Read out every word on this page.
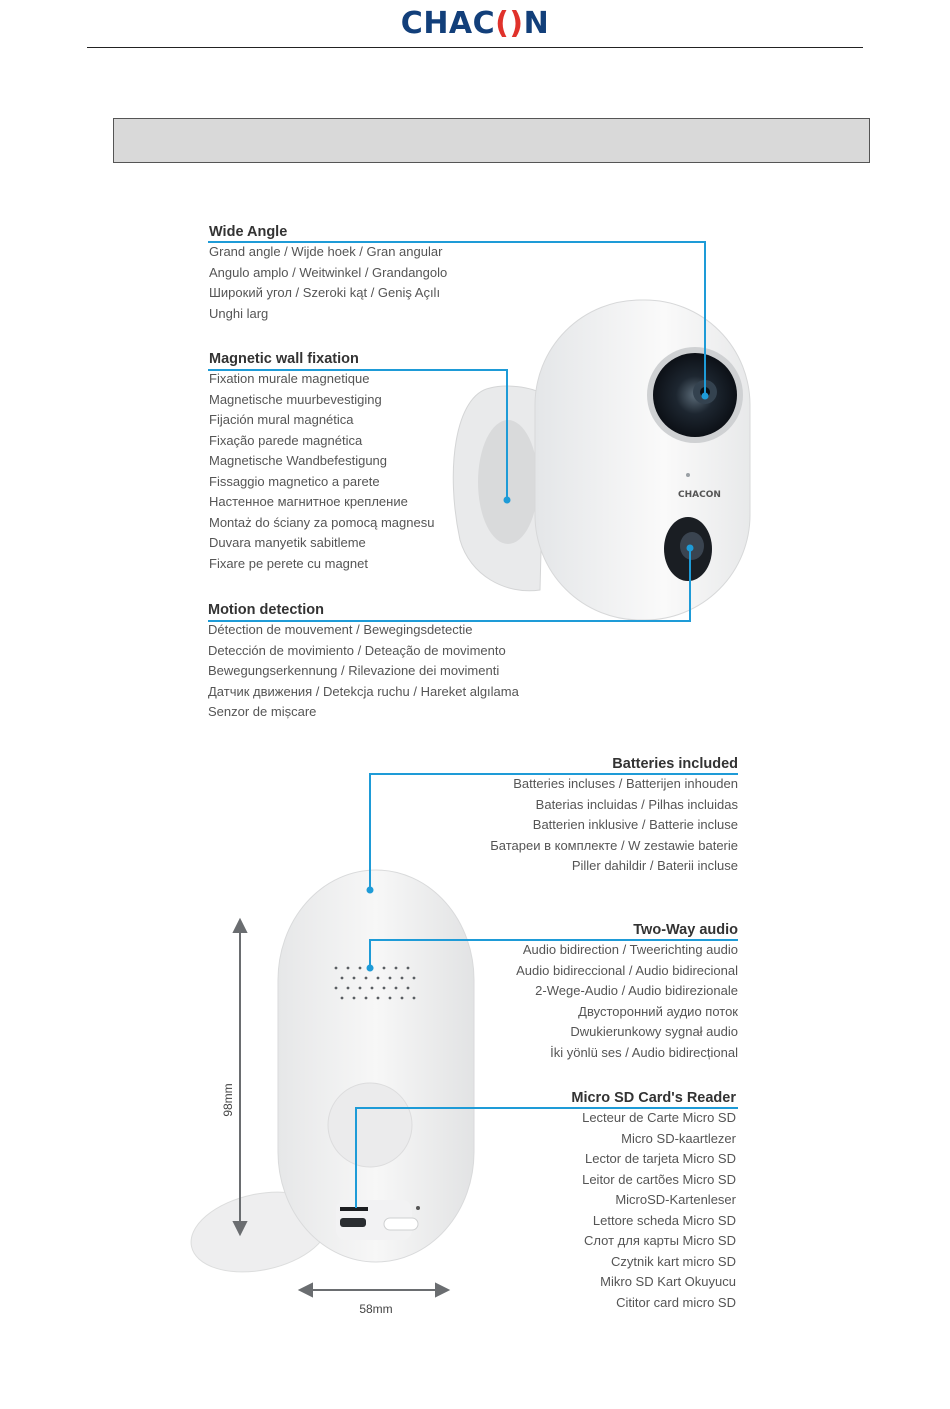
CHAC()N
CHACON
98mm
58mm
Wide Angle
Grand angle / Wijde hoek / Gran angular
Angulo amplo / Weitwinkel / Grandangolo
Широкий угол / Szeroki kąt / Geniş Açılı
Unghi larg
Magnetic wall fixation
Fixation murale magnetique
Magnetische muurbevestiging
Fijación mural magnética
Fixação parede magnética
Magnetische Wandbefestigung
Fissaggio magnetico a parete
Настенное магнитное крепление
Montaż do ściany za pomocą magnesu
Duvara manyetik sabitleme
Fixare pe perete cu magnet
Motion detection
Détection de mouvement / Bewegingsdetectie
Detección de movimiento / Deteação de movimento
Bewegungserkennung / Rilevazione dei movimenti
Датчик движения / Detekcja ruchu / Hareket algılama
Senzor de mișcare
Batteries included
Batteries incluses / Batterijen inhouden
Baterias incluidas / Pilhas incluidas
Batterien inklusive / Batterie incluse
Батареи в комплекте / W zestawie baterie
Piller dahildir / Baterii incluse
Two-Way audio
Audio bidirection / Tweerichting audio
Audio bidireccional / Audio bidirecional
2-Wege-Audio / Audio bidirezionale
Двусторонний аудио поток
Dwukierunkowy sygnał audio
İki yönlü ses / Audio bidirecțional
Micro SD Card's Reader
Lecteur de Carte Micro SD
Micro SD-kaartlezer
Lector de tarjeta Micro SD
Leitor de cartões Micro SD
MicroSD-Kartenleser
Lettore scheda Micro SD
Слот для карты Micro SD
Czytnik kart micro SD
Mikro SD Kart Okuyucu
Cititor card micro SD
